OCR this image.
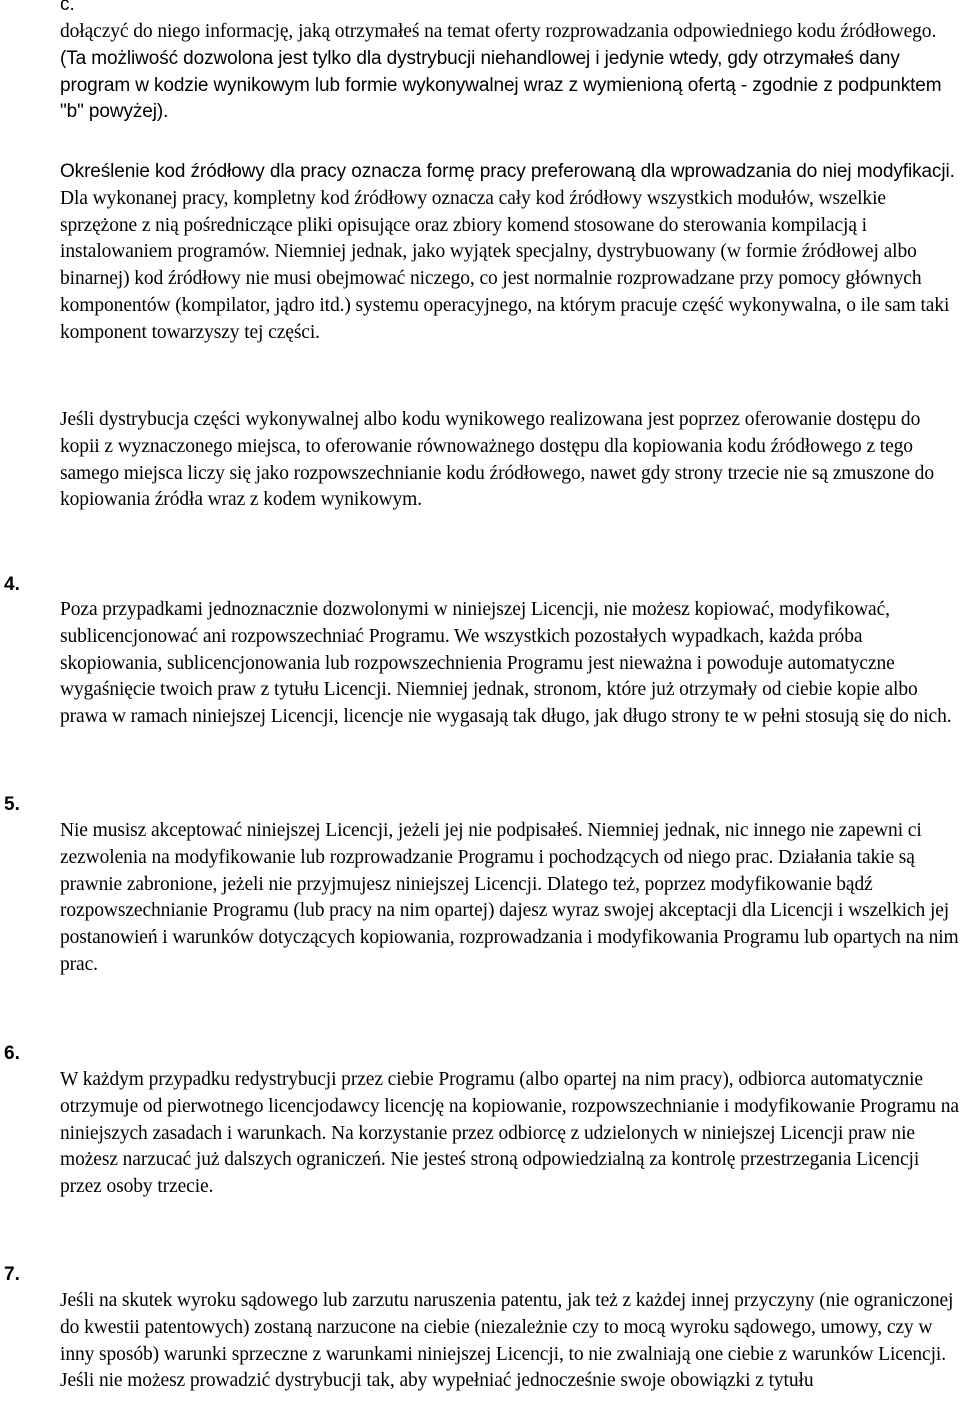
c.

dołączyć do niego informację, jaką otrzymałeś na temat oferty rozprowadzania odpowiedniego kodu źródłowego. (Ta możliwość dozwolona jest tylko dla dystrybucji niehandlowej i jedynie wtedy, gdy otrzymałeś dany program w kodzie wynikowym lub formie wykonywalnej wraz z wymienioną ofertą - zgodnie z podpunktem "b" powyżej).

Określenie kod źródłowy dla pracy oznacza formę pracy preferowaną dla wprowadzania do niej modyfikacji. Dla wykonanej pracy, kompletny kod źródłowy oznacza cały kod źródłowy wszystkich modułów, wszelkie sprzężone z nią pośredniczące pliki opisujące oraz zbiory komend stosowane do sterowania kompilacją i instalowaniem programów. Niemniej jednak, jako wyjątek specjalny, dystrybuowany (w formie źródłowej albo binarnej) kod źródłowy nie musi obejmować niczego, co jest normalnie rozprowadzane przy pomocy głównych komponentów (kompilator, jądro itd.) systemu operacyjnego, na którym pracuje część wykonywalna, o ile sam taki komponent towarzyszy tej części.

Jeśli dystrybucja części wykonywalnej albo kodu wynikowego realizowana jest poprzez oferowanie dostępu do kopii z wyznaczonego miejsca, to oferowanie równoważnego dostępu dla kopiowania kodu źródłowego z tego samego miejsca liczy się jako rozpowszechnianie kodu źródłowego, nawet gdy strony trzecie nie są zmuszone do kopiowania źródła wraz z kodem wynikowym.

4.

Poza przypadkami jednoznacznie dozwolonymi w niniejszej Licencji, nie możesz kopiować, modyfikować, sublicencjonować ani rozpowszechniać Programu. We wszystkich pozostałych wypadkach, każda próba skopiowania, sublicencjonowania lub rozpowszechnienia Programu jest nieważna i powoduje automatyczne wygaśnięcie twoich praw z tytułu Licencji. Niemniej jednak, stronom, które już otrzymały od ciebie kopie albo prawa w ramach niniejszej Licencji, licencje nie wygasają tak długo, jak długo strony te w pełni stosują się do nich.

5.

Nie musisz akceptować niniejszej Licencji, jeżeli jej nie podpisałeś. Niemniej jednak, nic innego nie zapewni ci zezwolenia na modyfikowanie lub rozprowadzanie Programu i pochodzących od niego prac. Działania takie są prawnie zabronione, jeżeli nie przyjmujesz niniejszej Licencji. Dlatego też, poprzez modyfikowanie bądź rozpowszechnianie Programu (lub pracy na nim opartej) dajesz wyraz swojej akceptacji dla Licencji i wszelkich jej postanowień i warunków dotyczących kopiowania, rozprowadzania i modyfikowania Programu lub opartych na nim prac.

6.

W każdym przypadku redystrybucji przez ciebie Programu (albo opartej na nim pracy), odbiorca automatycznie otrzymuje od pierwotnego licencjodawcy licencję na kopiowanie, rozpowszechnianie i modyfikowanie Programu na niniejszych zasadach i warunkach. Na korzystanie przez odbiorcę z udzielonych w niniejszej Licencji praw nie możesz narzucać już dalszych ograniczeń. Nie jesteś stroną odpowiedzialną za kontrolę przestrzegania Licencji przez osoby trzecie.

7.

Jeśli na skutek wyroku sądowego lub zarzutu naruszenia patentu, jak też z każdej innej przyczyny (nie ograniczonej do kwestii patentowych) zostaną narzucone na ciebie (niezależnie czy to mocą wyroku sądowego, umowy, czy w inny sposób) warunki sprzeczne z warunkami niniejszej Licencji, to nie zwalniają one ciebie z warunków Licencji. Jeśli nie możesz prowadzić dystrybucji tak, aby wypełniać jednocześnie swoje obowiązki z tytułu
